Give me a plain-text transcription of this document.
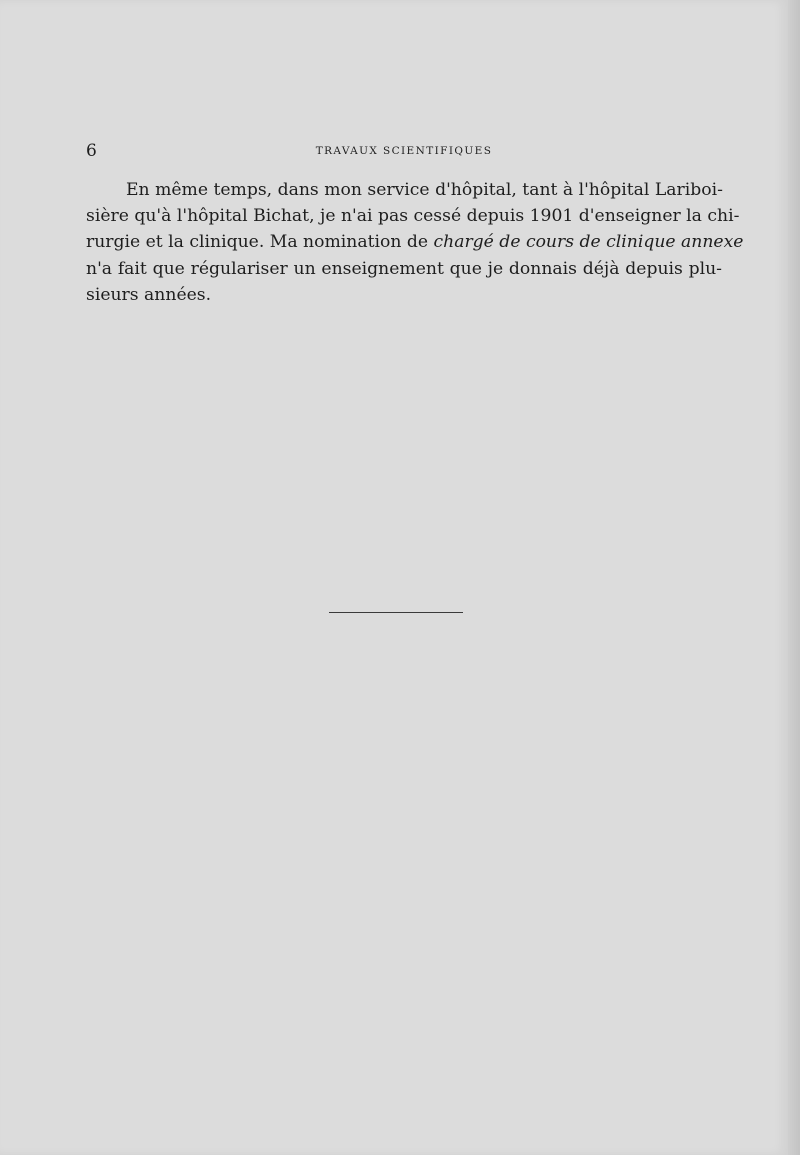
6	TRAVAUX SCIENTIFIQUES
En même temps, dans mon service d'hôpital, tant à l'hôpital Lariboi-
sière qu'à l'hôpital Bichat, je n'ai pas cessé depuis 1901 d'enseigner la chi-
rurgie et la clinique. Ma nomination de chargé de cours de clinique annexe
n'a fait que régulariser un enseignement que je donnais déjà depuis plu-
sieurs années.
